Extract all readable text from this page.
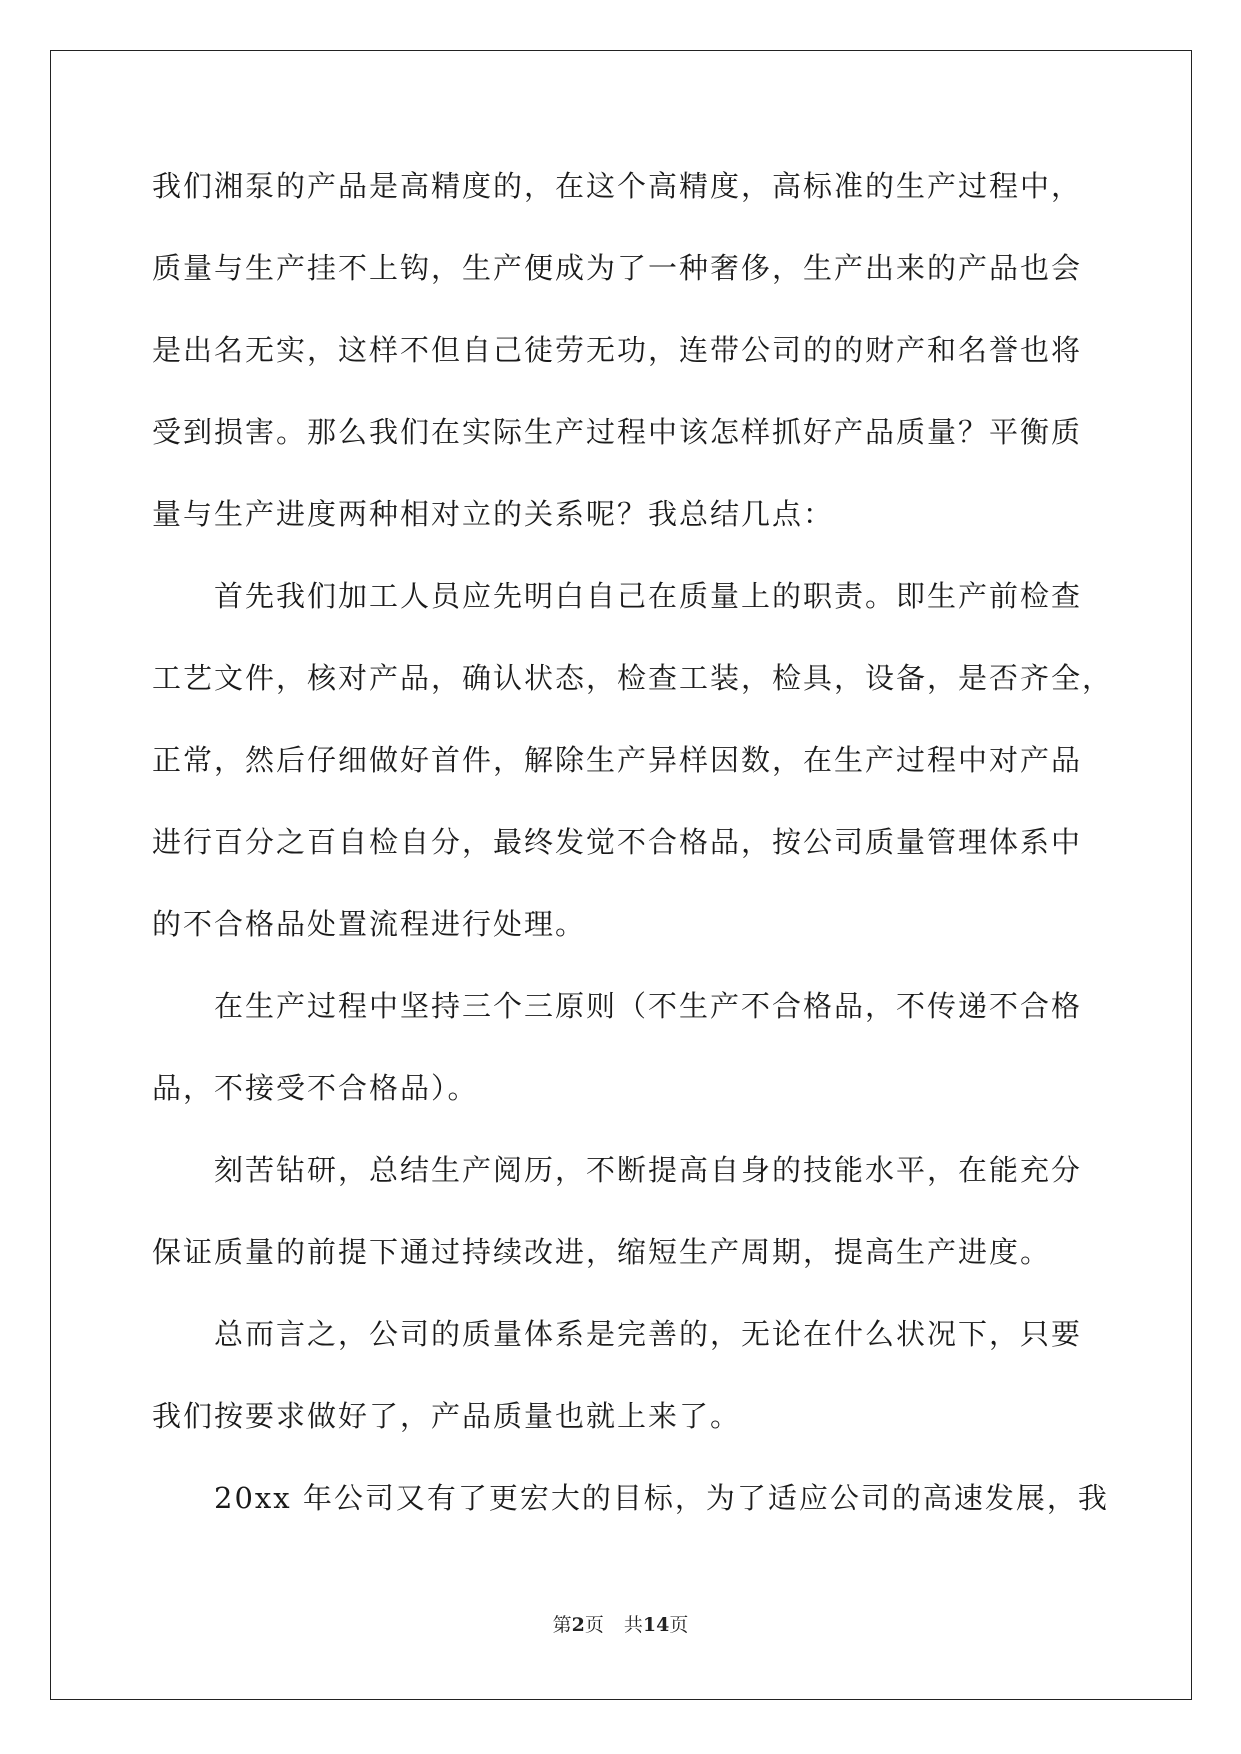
我们湘泵的产品是高精度的，在这个高精度，高标准的生产过程中，
质量与生产挂不上钩，生产便成为了一种奢侈，生产出来的产品也会
是出名无实，这样不但自己徒劳无功，连带公司的的财产和名誉也将
受到损害。那么我们在实际生产过程中该怎样抓好产品质量？平衡质
量与生产进度两种相对立的关系呢？我总结几点：
　　首先我们加工人员应先明白自己在质量上的职责。即生产前检查
工艺文件，核对产品，确认状态，检查工装，检具，设备，是否齐全，
正常，然后仔细做好首件，解除生产异样因数，在生产过程中对产品
进行百分之百自检自分，最终发觉不合格品，按公司质量管理体系中
的不合格品处置流程进行处理。
　　在生产过程中坚持三个三原则（不生产不合格品，不传递不合格
品，不接受不合格品）。
　　刻苦钻研，总结生产阅历，不断提高自身的技能水平，在能充分
保证质量的前提下通过持续改进，缩短生产周期，提高生产进度。
　　总而言之，公司的质量体系是完善的，无论在什么状况下，只要
我们按要求做好了，产品质量也就上来了。
　　20xx 年公司又有了更宏大的目标，为了适应公司的高速发展，我
第2页 共14页
